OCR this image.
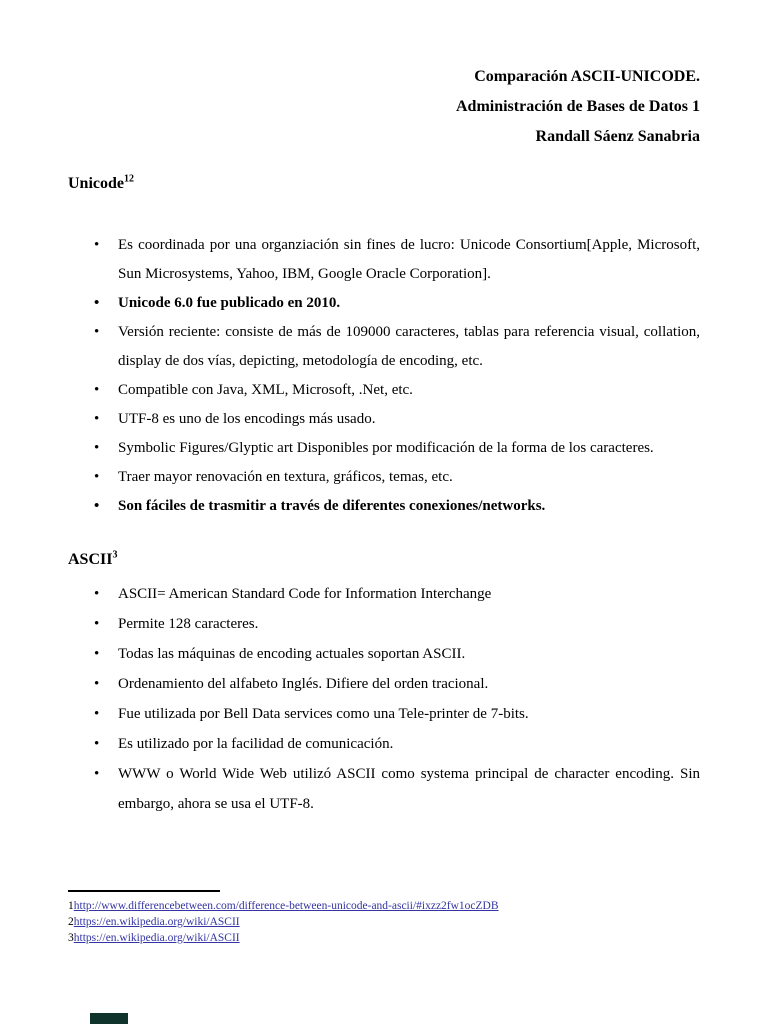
Comparación ASCII-UNICODE.
Administración de Bases de Datos 1
Randall Sáenz Sanabria
Unicode$^{12}$
• Es coordinada por una organziación sin fines de lucro: Unicode Consortium[Apple, Microsoft, Sun Microsystems, Yahoo, IBM, Google Oracle Corporation].
• Unicode 6.0 fue publicado en 2010.
• Versión reciente: consiste de más de 109000 caracteres, tablas para referencia visual, collation, display de dos vías, depicting, metodología de encoding, etc.
• Compatible con Java, XML, Microsoft, .Net, etc.
• UTF-8 es uno de los encodings más usado.
• Symbolic Figures/Glyptic art Disponibles por modificación de la forma de los caracteres.
• Traer mayor renovación en textura, gráficos, temas, etc.
• Son fáciles de trasmitir a través de diferentes conexiones/networks.
ASCII$^3$
• ASCII= American Standard Code for Information Interchange
• Permite 128 caracteres.
• Todas las máquinas de encoding actuales soportan ASCII.
• Ordenamiento del alfabeto Inglés. Difiere del orden tracional.
• Fue utilizada por Bell Data services como una Tele-printer de 7-bits.
• Es utilizado por la facilidad de comunicación.
• WWW o World Wide Web utilizó ASCII como systema principal de character encoding. Sin embargo, ahora se usa el UTF-8.
1http://www.differencebetween.com/difference-between-unicode-and-ascii/#ixzz2fw1ocZDB
2https://en.wikipedia.org/wiki/ASCII
3https://en.wikipedia.org/wiki/ASCII
